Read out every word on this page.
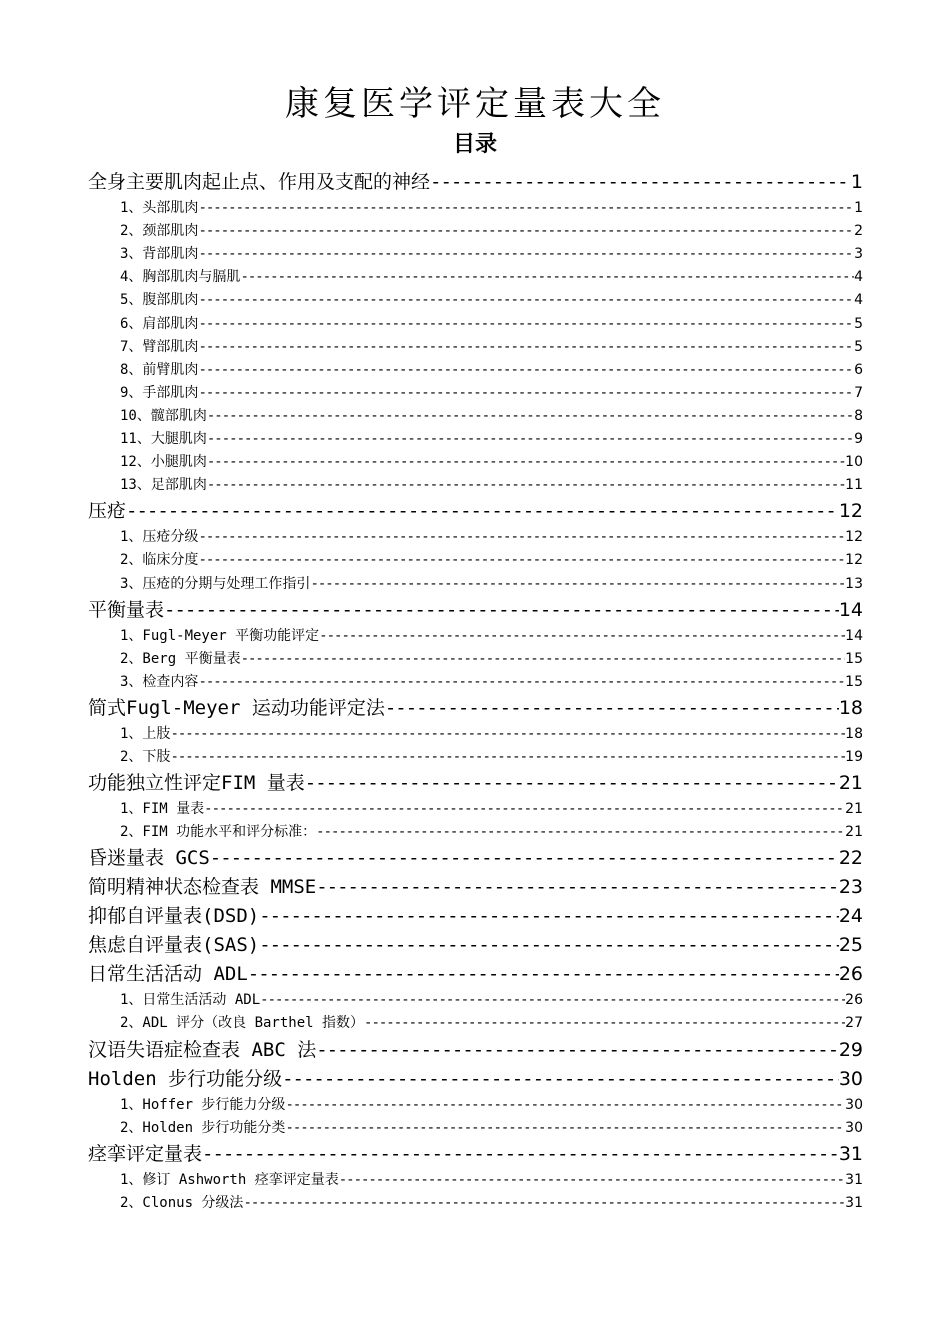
康复医学评定量表大全
目录
全身主要肌肉起止点、作用及支配的神经 -----	1
1、头部肌肉 -----	1
2、颈部肌肉 -----	2
3、背部肌肉 -----	3
4、胸部肌肉与膈肌 -----	4
5、腹部肌肉 -----	4
6、肩部肌肉 -----	5
7、臂部肌肉 -----	5
8、前臂肌肉 -----	6
9、手部肌肉 -----	7
10、髋部肌肉 -----	8
11、大腿肌肉 -----	9
12、小腿肌肉 -----	10
13、足部肌肉 -----	11
压疮 -----	12
1、压疮分级 -----	12
2、临床分度 -----	12
3、压疮的分期与处理工作指引 -----	13
平衡量表 -----	14
1、Fugl-Meyer 平衡功能评定 -----	14
2、Berg 平衡量表 -----	15
3、检查内容 -----	15
简式Fugl-Meyer 运动功能评定法 -----	18
1、上肢 -----	18
2、下肢 -----	19
功能独立性评定FIM 量表 -----	21
1、FIM 量表 -----	21
2、FIM 功能水平和评分标准： -----	21
昏迷量表 GCS -----	22
简明精神状态检查表 MMSE -----	23
抑郁自评量表(DSD) -----	24
焦虑自评量表(SAS) -----	25
日常生活活动 ADL -----	26
1、日常生活活动 ADL -----	26
2、ADL 评分（改良 Barthel 指数） -----	27
汉语失语症检查表 ABC 法 -----	29
Holden 步行功能分级 -----	30
1、Hoffer 步行能力分级 -----	30
2、Holden 步行功能分类 -----	30
痉挛评定量表 -----	31
1、修订 Ashworth 痉挛评定量表 -----	31
2、Clonus 分级法 -----	31
